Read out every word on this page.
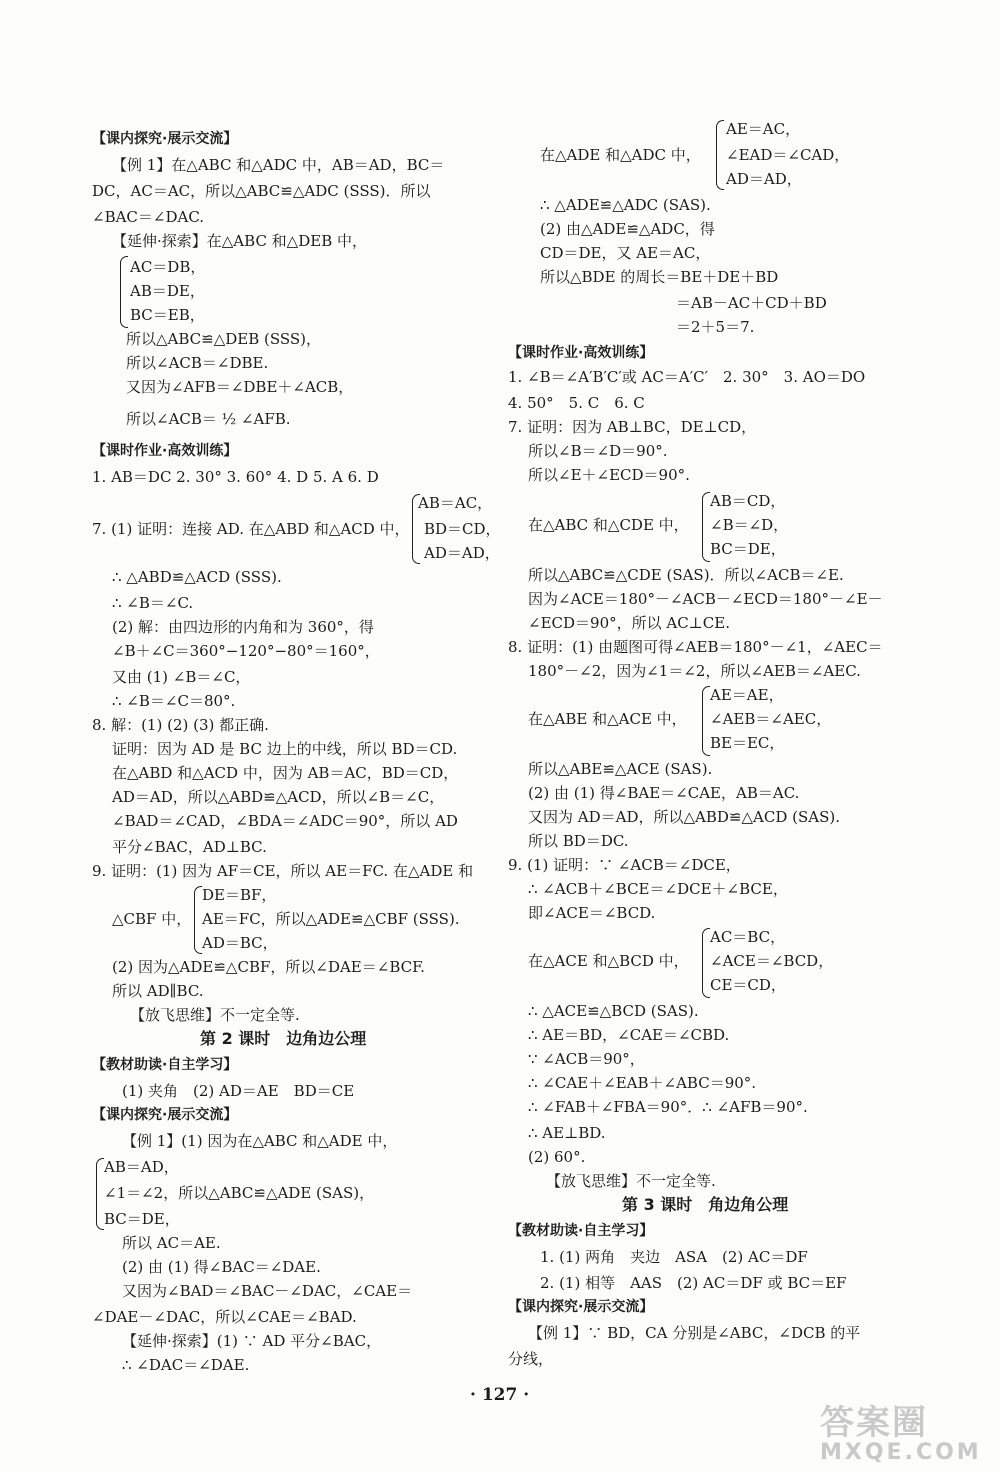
【课内探究·展示交流】
【例 1】在△ABC 和△ADC 中，AB＝AD，BC＝
DC，AC＝AC，所以△ABC≌△ADC (SSS)．所以
∠BAC＝∠DAC.
【延伸·探索】在△ABC 和△DEB 中，
AC＝DB，
AB＝DE，
BC＝EB，
所以△ABC≌△DEB (SSS)，
所以∠ACB＝∠DBE.
又因为∠AFB＝∠DBE＋∠ACB，
所以∠ACB＝ ½ ∠AFB.
【课时作业·高效训练】
1. AB＝DC 2. 30° 3. 60° 4. D 5. A 6. D
AB＝AC，
7. (1) 证明：连接 AD. 在△ABD 和△ACD 中， BD＝CD，
AD＝AD，
∴ △ABD≌△ACD (SSS).
∴ ∠B＝∠C.
(2) 解：由四边形的内角和为 360°，得
∠B＋∠C＝360°−120°−80°＝160°，
又由 (1) ∠B＝∠C，
∴ ∠B＝∠C＝80°.
8. 解：(1) (2) (3) 都正确.
证明：因为 AD 是 BC 边上的中线，所以 BD＝CD.
在△ABD 和△ACD 中，因为 AB＝AC，BD＝CD，
AD＝AD，所以△ABD≌△ACD，所以∠B＝∠C，
∠BAD＝∠CAD，∠BDA＝∠ADC＝90°，所以 AD
平分∠BAC，AD⊥BC.
9. 证明：(1) 因为 AF＝CE，所以 AE＝FC. 在△ADE 和
DE＝BF，
△CBF 中， AE＝FC，所以△ADE≌△CBF (SSS).
AD＝BC，
(2) 因为△ADE≌△CBF，所以∠DAE＝∠BCF.
所以 AD∥BC.
【放飞思维】不一定全等.
第 2 课时　边角边公理
【教材助读·自主学习】
(1) 夹角　(2) AD＝AE　BD＝CE
【课内探究·展示交流】
【例 1】(1) 因为在△ABC 和△ADE 中，
AB＝AD，
∠1＝∠2，所以△ABC≌△ADE (SAS)，
BC＝DE，
所以 AC＝AE.
(2) 由 (1) 得∠BAC＝∠DAE.
又因为∠BAD＝∠BAC－∠DAC，∠CAE＝
∠DAE－∠DAC，所以∠CAE＝∠BAD.
【延伸·探索】(1) ∵ AD 平分∠BAC，
∴ ∠DAC＝∠DAE.
AE＝AC，
在△ADE 和△ADC 中， ∠EAD＝∠CAD，
AD＝AD，
∴ △ADE≌△ADC (SAS).
(2) 由△ADE≌△ADC，得
CD＝DE，又 AE＝AC，
所以△BDE 的周长＝BE＋DE＋BD
＝AB－AC＋CD＋BD
＝2＋5＝7.
【课时作业·高效训练】
1. ∠B＝∠A′B′C′或 AC＝A′C′　2. 30°　3. AO＝DO
4. 50°　5. C　6. C
7. 证明：因为 AB⊥BC，DE⊥CD，
所以∠B＝∠D＝90°.
所以∠E＋∠ECD＝90°.
AB＝CD，
在△ABC 和△CDE 中， ∠B＝∠D，
BC＝DE，
所以△ABC≌△CDE (SAS)．所以∠ACB＝∠E.
因为∠ACE＝180°－∠ACB－∠ECD＝180°－∠E－
∠ECD＝90°，所以 AC⊥CE.
8. 证明：(1) 由题图可得∠AEB＝180°－∠1，∠AEC＝
180°－∠2，因为∠1＝∠2，所以∠AEB＝∠AEC.
AE＝AE，
在△ABE 和△ACE 中， ∠AEB＝∠AEC，
BE＝EC，
所以△ABE≌△ACE (SAS).
(2) 由 (1) 得∠BAE＝∠CAE，AB＝AC.
又因为 AD＝AD，所以△ABD≌△ACD (SAS).
所以 BD＝DC.
9. (1) 证明：∵ ∠ACB＝∠DCE，
∴ ∠ACB＋∠BCE＝∠DCE＋∠BCE，
即∠ACE＝∠BCD.
AC＝BC，
在△ACE 和△BCD 中， ∠ACE＝∠BCD，
CE＝CD，
∴ △ACE≌△BCD (SAS).
∴ AE＝BD，∠CAE＝∠CBD.
∵ ∠ACB＝90°，
∴ ∠CAE＋∠EAB＋∠ABC＝90°.
∴ ∠FAB＋∠FBA＝90°．∴ ∠AFB＝90°.
∴ AE⊥BD.
(2) 60°.
【放飞思维】不一定全等.
第 3 课时　角边角公理
【教材助读·自主学习】
1. (1) 两角　夹边　ASA　(2) AC＝DF
2. (1) 相等　AAS　(2) AC＝DF 或 BC＝EF
【课内探究·展示交流】
【例 1】∵ BD，CA 分别是∠ABC，∠DCB 的平
分线，
· 127 ·
答案圈
MXQE.COM
